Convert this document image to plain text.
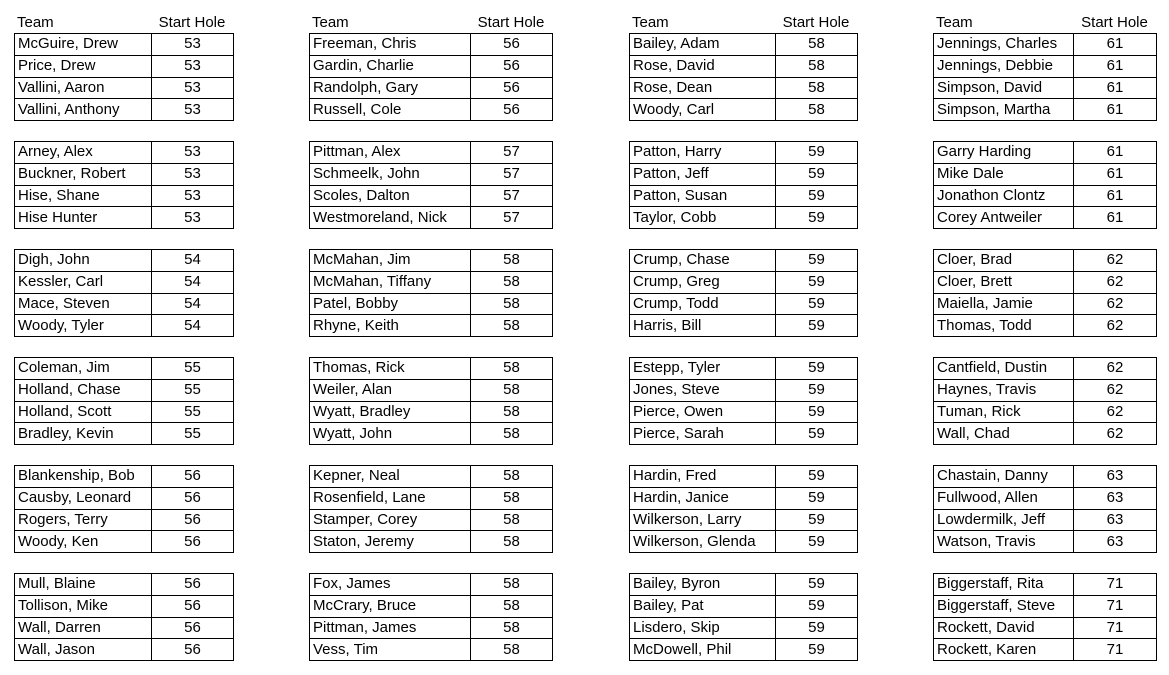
Team	Start Hole
McGuire, Drew	53
Price, Drew	53
Vallini, Aaron	53
Vallini, Anthony	53
Arney, Alex	53
Buckner, Robert	53
Hise, Shane	53
Hise Hunter	53
Digh, John	54
Kessler, Carl	54
Mace, Steven	54
Woody, Tyler	54
Coleman, Jim	55
Holland, Chase	55
Holland, Scott	55
Bradley, Kevin	55
Blankenship, Bob	56
Causby, Leonard	56
Rogers, Terry	56
Woody, Ken	56
Mull, Blaine	56
Tollison, Mike	56
Wall, Darren	56
Wall, Jason	56
Team	Start Hole
Freeman, Chris	56
Gardin, Charlie	56
Randolph, Gary	56
Russell, Cole	56
Pittman, Alex	57
Schmeelk, John	57
Scoles, Dalton	57
Westmoreland, Nick	57
McMahan, Jim	58
McMahan, Tiffany	58
Patel, Bobby	58
Rhyne, Keith	58
Thomas, Rick	58
Weiler, Alan	58
Wyatt, Bradley	58
Wyatt, John	58
Kepner, Neal	58
Rosenfield, Lane	58
Stamper, Corey	58
Staton, Jeremy	58
Fox, James	58
McCrary, Bruce	58
Pittman, James	58
Vess, Tim	58
Team	Start Hole
Bailey, Adam	58
Rose, David	58
Rose, Dean	58
Woody, Carl	58
Patton, Harry	59
Patton, Jeff	59
Patton, Susan	59
Taylor, Cobb	59
Crump, Chase	59
Crump, Greg	59
Crump, Todd	59
Harris, Bill	59
Estepp, Tyler	59
Jones, Steve	59
Pierce, Owen	59
Pierce, Sarah	59
Hardin, Fred	59
Hardin, Janice	59
Wilkerson, Larry	59
Wilkerson, Glenda	59
Bailey, Byron	59
Bailey, Pat	59
Lisdero, Skip	59
McDowell, Phil	59
Team	Start Hole
Jennings, Charles	61
Jennings, Debbie	61
Simpson, David	61
Simpson, Martha	61
Garry Harding	61
Mike Dale	61
Jonathon Clontz	61
Corey Antweiler	61
Cloer, Brad	62
Cloer, Brett	62
Maiella, Jamie	62
Thomas, Todd	62
Cantfield, Dustin	62
Haynes, Travis	62
Tuman, Rick	62
Wall, Chad	62
Chastain, Danny	63
Fullwood, Allen	63
Lowdermilk, Jeff	63
Watson, Travis	63
Biggerstaff, Rita	71
Biggerstaff, Steve	71
Rockett, David	71
Rockett, Karen	71
